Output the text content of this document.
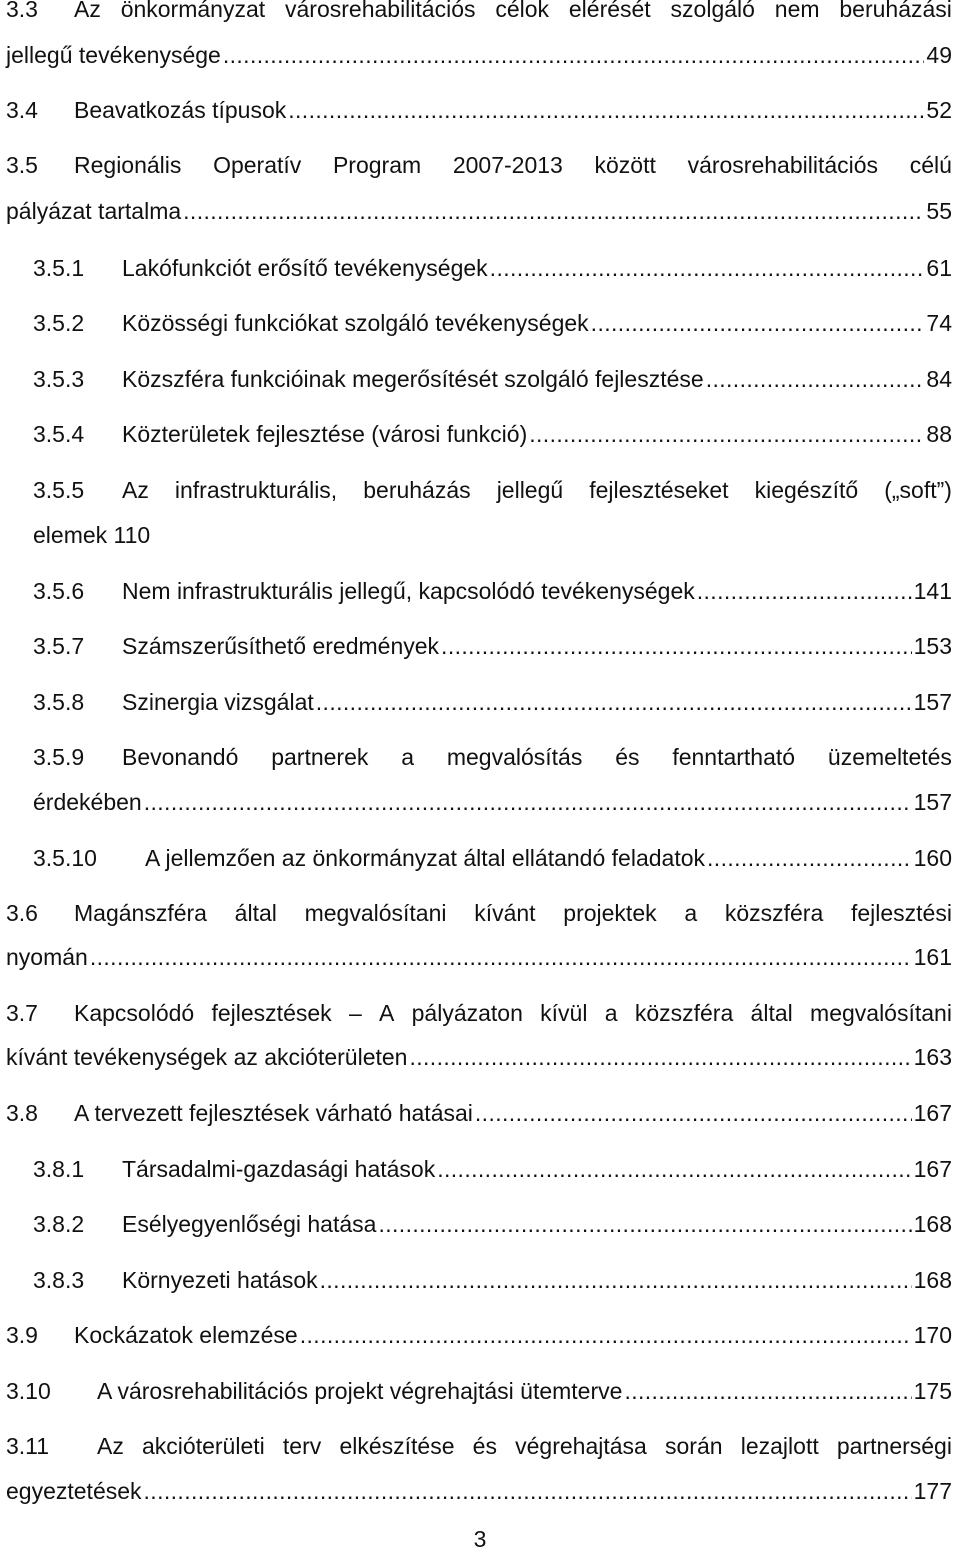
3.3 Az önkormányzat városrehabilitációs célok elérését szolgáló nem beruházási
jellegű tevékenysége . . .	49
3.4 Beavatkozás típusok . . .	52
3.5 Regionális Operatív Program 2007-2013 között városrehabilitációs célú
pályázat tartalma . . .	55
3.5.1 Lakófunkciót erősítő tevékenységek . . .	61
3.5.2 Közösségi funkciókat szolgáló tevékenységek . . .	74
3.5.3 Közszféra funkcióinak megerősítését szolgáló fejlesztése . . .	84
3.5.4 Közterületek fejlesztése (városi funkció) . . .	88
3.5.5 Az infrastrukturális, beruházás jellegű fejlesztéseket kiegészítő („soft”)
elemek 110
3.5.6 Nem infrastrukturális jellegű, kapcsolódó tevékenységek . . .	141
3.5.7 Számszerűsíthető eredmények . . .	153
3.5.8 Szinergia vizsgálat . . .	157
3.5.9 Bevonandó partnerek a megvalósítás és fenntartható üzemeltetés
érdekében . . .	157
3.5.10 A jellemzően az önkormányzat által ellátandó feladatok . . .	160
3.6 Magánszféra által megvalósítani kívánt projektek a közszféra fejlesztési
nyomán . . .	161
3.7 Kapcsolódó fejlesztések – A pályázaton kívül a közszféra által megvalósítani
kívánt tevékenységek az akcióterületen . . .	163
3.8 A tervezett fejlesztések várható hatásai . . .	167
3.8.1 Társadalmi-gazdasági hatások . . .	167
3.8.2 Esélyegyenlőségi hatása . . .	168
3.8.3 Környezeti hatások . . .	168
3.9 Kockázatok elemzése . . .	170
3.10 A városrehabilitációs projekt végrehajtási ütemterve . . .	175
3.11 Az akcióterületi terv elkészítése és végrehajtása során lezajlott partnerségi
egyeztetések . . .	177
3
